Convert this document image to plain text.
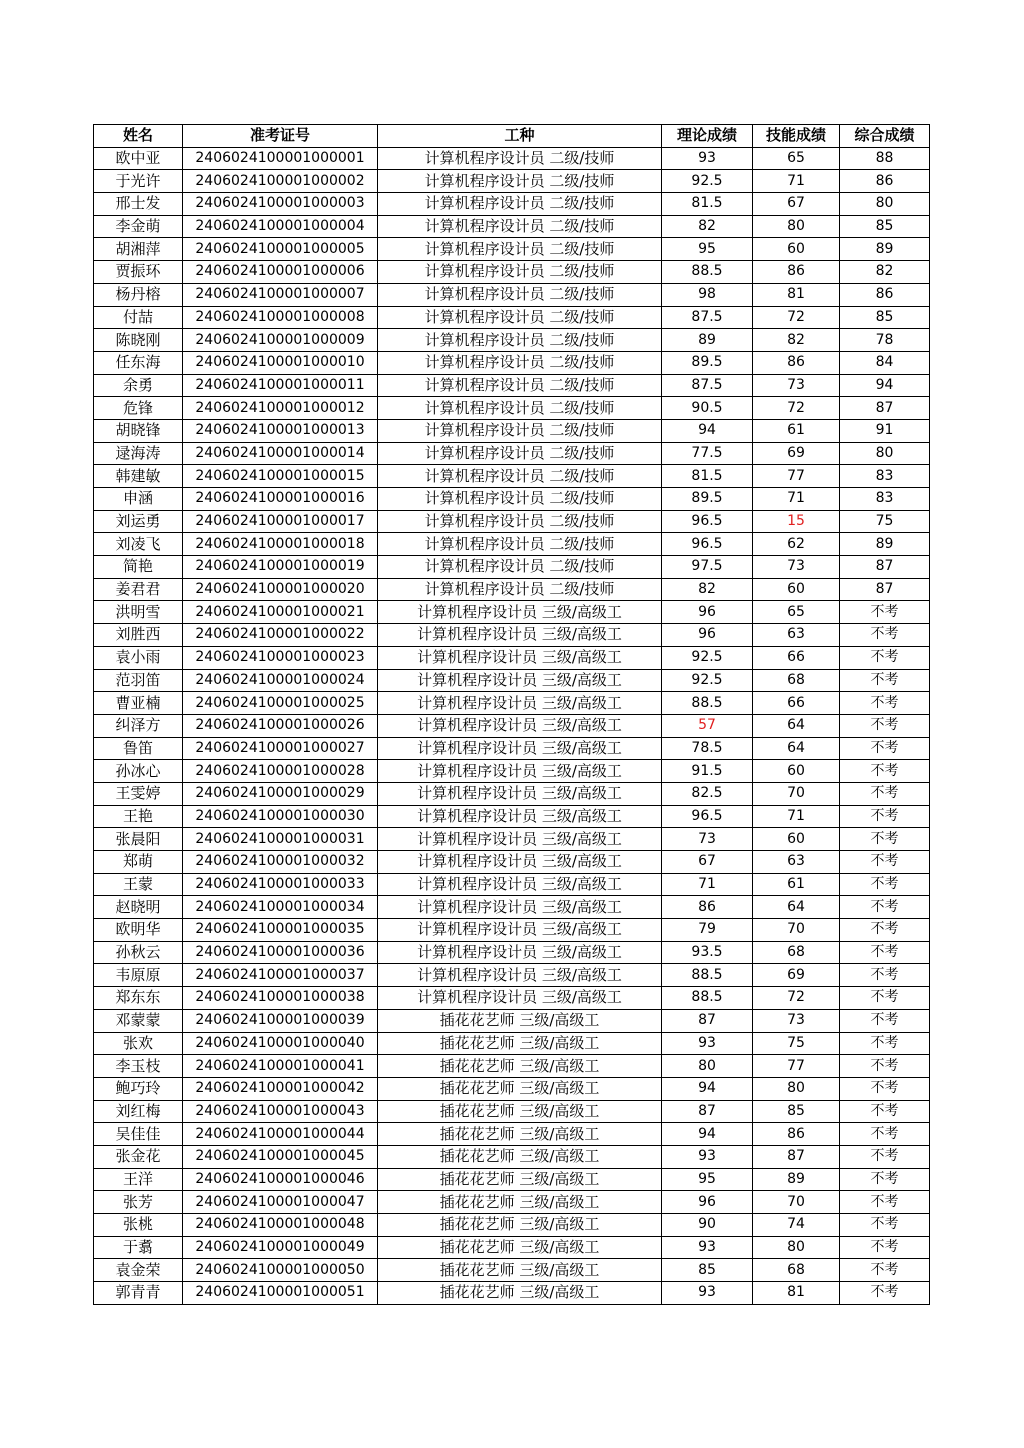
姓名	准考证号	工种	理论成绩	技能成绩	综合成绩
欧中亚	2406024100001000001	计算机程序设计员 二级/技师	93	65	88
于光许	2406024100001000002	计算机程序设计员 二级/技师	92.5	71	86
邢士发	2406024100001000003	计算机程序设计员 二级/技师	81.5	67	80
李金萌	2406024100001000004	计算机程序设计员 二级/技师	82	80	85
胡湘萍	2406024100001000005	计算机程序设计员 二级/技师	95	60	89
贾振环	2406024100001000006	计算机程序设计员 二级/技师	88.5	86	82
杨丹榕	2406024100001000007	计算机程序设计员 二级/技师	98	81	86
付喆	2406024100001000008	计算机程序设计员 二级/技师	87.5	72	85
陈晓刚	2406024100001000009	计算机程序设计员 二级/技师	89	82	78
任东海	2406024100001000010	计算机程序设计员 二级/技师	89.5	86	84
余勇	2406024100001000011	计算机程序设计员 二级/技师	87.5	73	94
危锋	2406024100001000012	计算机程序设计员 二级/技师	90.5	72	87
胡晓锋	2406024100001000013	计算机程序设计员 二级/技师	94	61	91
逯海涛	2406024100001000014	计算机程序设计员 二级/技师	77.5	69	80
韩建敏	2406024100001000015	计算机程序设计员 二级/技师	81.5	77	83
申涵	2406024100001000016	计算机程序设计员 二级/技师	89.5	71	83
刘运勇	2406024100001000017	计算机程序设计员 二级/技师	96.5	15	75
刘凌飞	2406024100001000018	计算机程序设计员 二级/技师	96.5	62	89
简艳	2406024100001000019	计算机程序设计员 二级/技师	97.5	73	87
姜君君	2406024100001000020	计算机程序设计员 二级/技师	82	60	87
洪明雪	2406024100001000021	计算机程序设计员 三级/高级工	96	65	不考
刘胜西	2406024100001000022	计算机程序设计员 三级/高级工	96	63	不考
袁小雨	2406024100001000023	计算机程序设计员 三级/高级工	92.5	66	不考
范羽笛	2406024100001000024	计算机程序设计员 三级/高级工	92.5	68	不考
曹亚楠	2406024100001000025	计算机程序设计员 三级/高级工	88.5	66	不考
纠泽方	2406024100001000026	计算机程序设计员 三级/高级工	57	64	不考
鲁笛	2406024100001000027	计算机程序设计员 三级/高级工	78.5	64	不考
孙冰心	2406024100001000028	计算机程序设计员 三级/高级工	91.5	60	不考
王雯婷	2406024100001000029	计算机程序设计员 三级/高级工	82.5	70	不考
王艳	2406024100001000030	计算机程序设计员 三级/高级工	96.5	71	不考
张晨阳	2406024100001000031	计算机程序设计员 三级/高级工	73	60	不考
郑萌	2406024100001000032	计算机程序设计员 三级/高级工	67	63	不考
王蒙	2406024100001000033	计算机程序设计员 三级/高级工	71	61	不考
赵晓明	2406024100001000034	计算机程序设计员 三级/高级工	86	64	不考
欧明华	2406024100001000035	计算机程序设计员 三级/高级工	79	70	不考
孙秋云	2406024100001000036	计算机程序设计员 三级/高级工	93.5	68	不考
韦原原	2406024100001000037	计算机程序设计员 三级/高级工	88.5	69	不考
郑东东	2406024100001000038	计算机程序设计员 三级/高级工	88.5	72	不考
邓蒙蒙	2406024100001000039	插花花艺师 三级/高级工	87	73	不考
张欢	2406024100001000040	插花花艺师 三级/高级工	93	75	不考
李玉枝	2406024100001000041	插花花艺师 三级/高级工	80	77	不考
鲍巧玲	2406024100001000042	插花花艺师 三级/高级工	94	80	不考
刘红梅	2406024100001000043	插花花艺师 三级/高级工	87	85	不考
吴佳佳	2406024100001000044	插花花艺师 三级/高级工	94	86	不考
张金花	2406024100001000045	插花花艺师 三级/高级工	93	87	不考
王洋	2406024100001000046	插花花艺师 三级/高级工	95	89	不考
张芳	2406024100001000047	插花花艺师 三级/高级工	96	70	不考
张桃	2406024100001000048	插花花艺师 三级/高级工	90	74	不考
于翥	2406024100001000049	插花花艺师 三级/高级工	93	80	不考
袁金荣	2406024100001000050	插花花艺师 三级/高级工	85	68	不考
郭青青	2406024100001000051	插花花艺师 三级/高级工	93	81	不考
